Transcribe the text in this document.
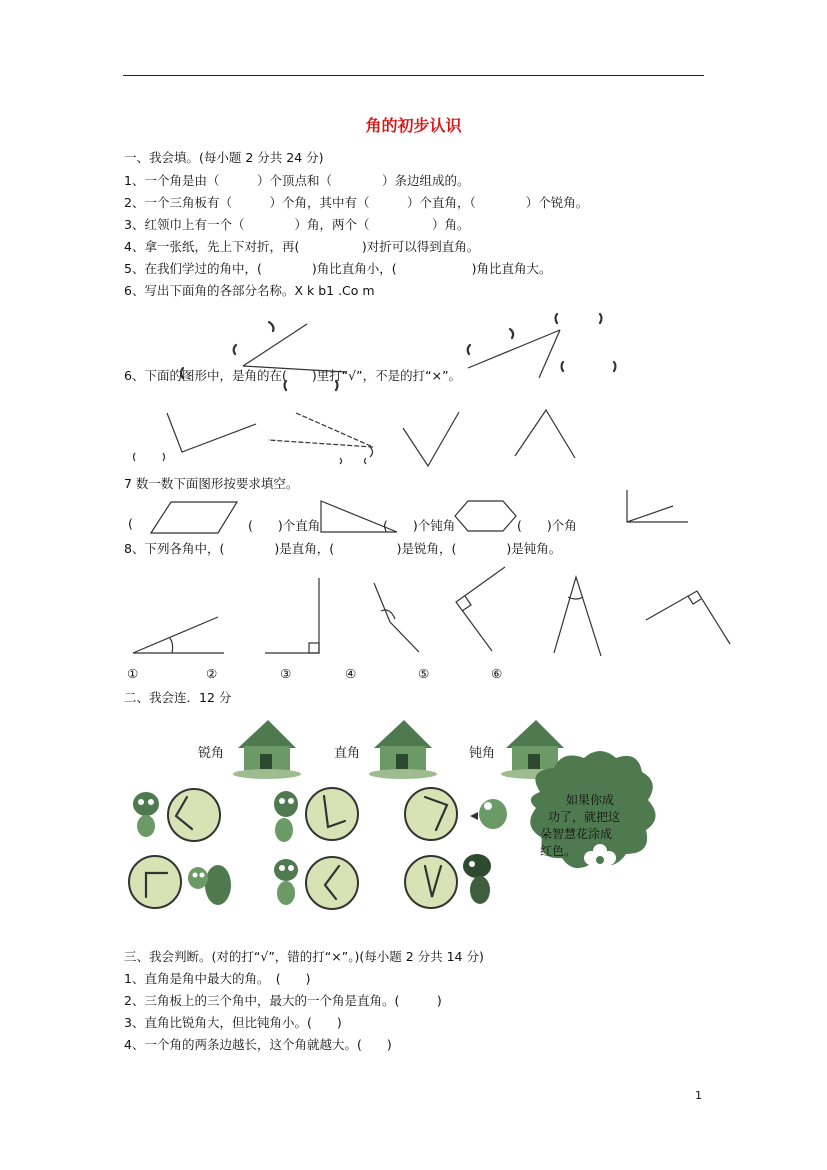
角的初步认识
一、我会填。(每小题 2 分共 24 分)
1、一个角是由（　　　）个顶点和（　　　　）条边组成的。
2、一个三角板有（　　　）个角，其中有（　　　）个直角，（　　　　）个锐角。
3、红领巾上有一个（　　　　）角，两个（　　　　　）角。
4、拿一张纸，先上下对折，再(　　　　　)对折可以得到直角。
5、在我们学过的角中，(　　　　)角比直角小，(　　　　　　)角比直角大。
6、写出下面角的各部分名称。X k b1 .Co m
6、下面的图形中，是角的在(　　)里打“√”，不是的打“×”。
7 数一数下面图形按要求填空。
(	(　　)个直角	(　　)个钝角	(　　)个角
8、下列各角中，(　　　　)是直角，(　　　　　)是锐角，(　　　　)是钝角。
①	②	③	④	⑤	⑥
二、我会连．12 分
锐角	直角	钝角
三、我会判断。(对的打“√”，错的打“×”。)(每小题 2 分共 14 分)
1、直角是角中最大的角。　(　　)
2、三角板上的三个角中，最大的一个角是直角。(　　　)
3、直角比锐角大，但比钝角小。(　　)
4、一个角的两条边越长，这个角就越大。(　　)
1
如果你成
功了，就把这
朵智慧花涂成
红色。
